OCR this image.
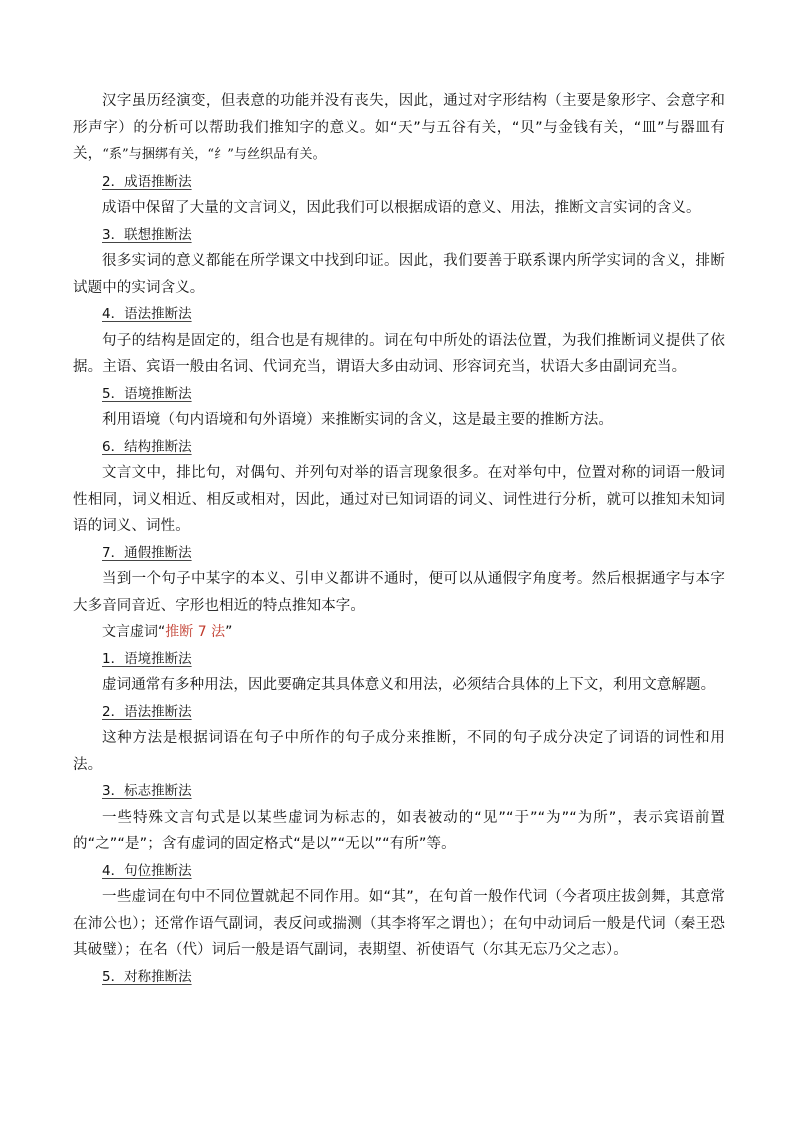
汉字虽历经演变，但表意的功能并没有丧失，因此，通过对字形结构（主要是象形字、会意字和形声字）的分析可以帮助我们推知字的意义。如“天”与五谷有关，“贝”与金钱有关，“皿”与器皿有关，“系”与捆绑有关，“纟”与丝织品有关。

2．成语推断法

成语中保留了大量的文言词义，因此我们可以根据成语的意义、用法，推断文言实词的含义。

3．联想推断法

很多实词的意义都能在所学课文中找到印证。因此，我们要善于联系课内所学实词的含义，排断试题中的实词含义。

4．语法推断法

句子的结构是固定的，组合也是有规律的。词在句中所处的语法位置，为我们推断词义提供了依据。主语、宾语一般由名词、代词充当，谓语大多由动词、形容词充当，状语大多由副词充当。

5．语境推断法

利用语境（句内语境和句外语境）来推断实词的含义，这是最主要的推断方法。

6．结构推断法

文言文中，排比句，对偶句、并列句对举的语言现象很多。在对举句中，位置对称的词语一般词性相同，词义相近、相反或相对，因此，通过对已知词语的词义、词性进行分析，就可以推知未知词语的词义、词性。

7．通假推断法

当到一个句子中某字的本义、引申义都讲不通时，便可以从通假字角度考。然后根据通字与本字大多音同音近、字形也相近的特点推知本字。

文言虚词“推断 7 法”

1．语境推断法

虚词通常有多种用法，因此要确定其具体意义和用法，必须结合具体的上下文，利用文意解题。

2．语法推断法

这种方法是根据词语在句子中所作的句子成分来推断，不同的句子成分决定了词语的词性和用法。

3．标志推断法

一些特殊文言句式是以某些虚词为标志的，如表被动的“见”“于”“为”“为所”，表示宾语前置的“之”“是”；含有虚词的固定格式“是以”“无以”“有所”等。

4．句位推断法

一些虚词在句中不同位置就起不同作用。如“其”，在句首一般作代词（今者项庄拔剑舞，其意常在沛公也）；还常作语气副词，表反问或揣测（其李将军之谓也）；在句中动词后一般是代词（秦王恐其破璧）；在名（代）词后一般是语气副词，表期望、祈使语气（尔其无忘乃父之志）。

5．对称推断法
